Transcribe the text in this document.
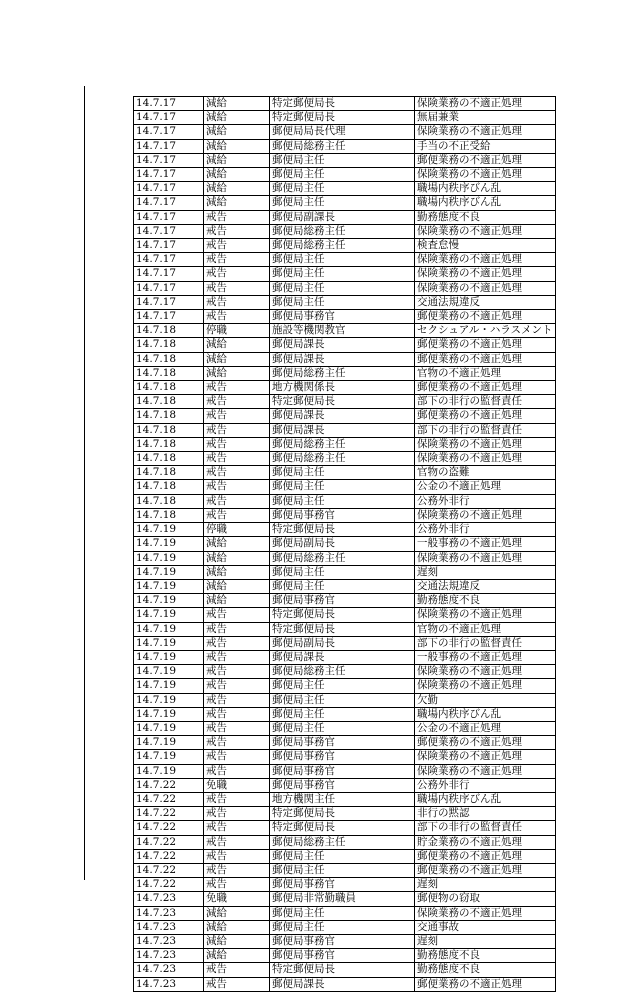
14.7.17	減給	特定郵便局長	保険業務の不適正処理
14.7.17	減給	特定郵便局長	無届兼業
14.7.17	減給	郵便局局長代理	保険業務の不適正処理
14.7.17	減給	郵便局総務主任	手当の不正受給
14.7.17	減給	郵便局主任	郵便業務の不適正処理
14.7.17	減給	郵便局主任	保険業務の不適正処理
14.7.17	減給	郵便局主任	職場内秩序びん乱
14.7.17	減給	郵便局主任	職場内秩序びん乱
14.7.17	戒告	郵便局副課長	勤務態度不良
14.7.17	戒告	郵便局総務主任	保険業務の不適正処理
14.7.17	戒告	郵便局総務主任	検査怠慢
14.7.17	戒告	郵便局主任	保険業務の不適正処理
14.7.17	戒告	郵便局主任	保険業務の不適正処理
14.7.17	戒告	郵便局主任	保険業務の不適正処理
14.7.17	戒告	郵便局主任	交通法規違反
14.7.17	戒告	郵便局事務官	郵便業務の不適正処理
14.7.18	停職	施設等機関教官	セクシュアル・ハラスメント
14.7.18	減給	郵便局課長	郵便業務の不適正処理
14.7.18	減給	郵便局課長	郵便業務の不適正処理
14.7.18	減給	郵便局総務主任	官物の不適正処理
14.7.18	戒告	地方機関係長	郵便業務の不適正処理
14.7.18	戒告	特定郵便局長	部下の非行の監督責任
14.7.18	戒告	郵便局課長	郵便業務の不適正処理
14.7.18	戒告	郵便局課長	部下の非行の監督責任
14.7.18	戒告	郵便局総務主任	保険業務の不適正処理
14.7.18	戒告	郵便局総務主任	保険業務の不適正処理
14.7.18	戒告	郵便局主任	官物の盗難
14.7.18	戒告	郵便局主任	公金の不適正処理
14.7.18	戒告	郵便局主任	公務外非行
14.7.18	戒告	郵便局事務官	保険業務の不適正処理
14.7.19	停職	特定郵便局長	公務外非行
14.7.19	減給	郵便局副局長	一般事務の不適正処理
14.7.19	減給	郵便局総務主任	保険業務の不適正処理
14.7.19	減給	郵便局主任	遅刻
14.7.19	減給	郵便局主任	交通法規違反
14.7.19	減給	郵便局事務官	勤務態度不良
14.7.19	戒告	特定郵便局長	保険業務の不適正処理
14.7.19	戒告	特定郵便局長	官物の不適正処理
14.7.19	戒告	郵便局副局長	部下の非行の監督責任
14.7.19	戒告	郵便局課長	一般事務の不適正処理
14.7.19	戒告	郵便局総務主任	保険業務の不適正処理
14.7.19	戒告	郵便局主任	保険業務の不適正処理
14.7.19	戒告	郵便局主任	欠勤
14.7.19	戒告	郵便局主任	職場内秩序びん乱
14.7.19	戒告	郵便局主任	公金の不適正処理
14.7.19	戒告	郵便局事務官	郵便業務の不適正処理
14.7.19	戒告	郵便局事務官	保険業務の不適正処理
14.7.19	戒告	郵便局事務官	保険業務の不適正処理
14.7.22	免職	郵便局事務官	公務外非行
14.7.22	戒告	地方機関主任	職場内秩序びん乱
14.7.22	戒告	特定郵便局長	非行の黙認
14.7.22	戒告	特定郵便局長	部下の非行の監督責任
14.7.22	戒告	郵便局総務主任	貯金業務の不適正処理
14.7.22	戒告	郵便局主任	郵便業務の不適正処理
14.7.22	戒告	郵便局主任	郵便業務の不適正処理
14.7.22	戒告	郵便局事務官	遅刻
14.7.23	免職	郵便局非常勤職員	郵便物の窃取
14.7.23	減給	郵便局主任	保険業務の不適正処理
14.7.23	減給	郵便局主任	交通事故
14.7.23	減給	郵便局事務官	遅刻
14.7.23	減給	郵便局事務官	勤務態度不良
14.7.23	戒告	特定郵便局長	勤務態度不良
14.7.23	戒告	郵便局課長	郵便業務の不適正処理
